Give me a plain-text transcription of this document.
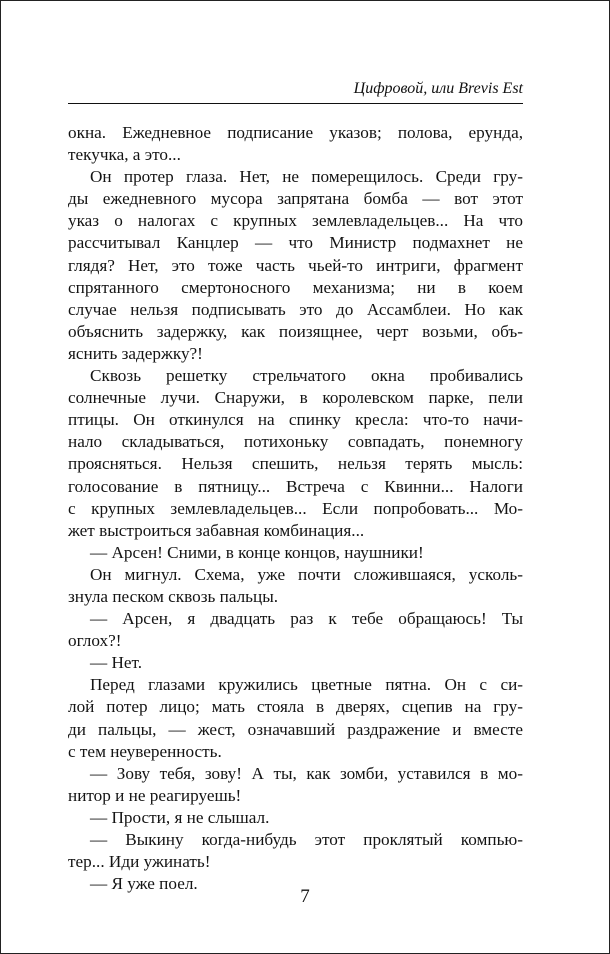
Цифровой, или Brevis Est
окна. Ежедневное подписание указов; полова, ерунда,
текучка, а это...
Он протер глаза. Нет, не померещилось. Среди гру-
ды ежедневного мусора запрятана бомба — вот этот
указ о налогах с крупных землевладельцев... На что
рассчитывал Канцлер — что Министр подмахнет не
глядя? Нет, это тоже часть чьей-то интриги, фрагмент
спрятанного смертоносного механизма; ни в коем
случае нельзя подписывать это до Ассамблеи. Но как
объяснить задержку, как поизящнее, черт возьми, объ-
яснить задержку?!
Сквозь решетку стрельчатого окна пробивались
солнечные лучи. Снаружи, в королевском парке, пели
птицы. Он откинулся на спинку кресла: что-то начи-
нало складываться, потихоньку совпадать, понемногу
проясняться. Нельзя спешить, нельзя терять мысль:
голосование в пятницу... Встреча с Квинни... Налоги
с крупных землевладельцев... Если попробовать... Мо-
жет выстроиться забавная комбинация...
— Арсен! Сними, в конце концов, наушники!
Он мигнул. Схема, уже почти сложившаяся, усколь-
знула песком сквозь пальцы.
— Арсен, я двадцать раз к тебе обращаюсь! Ты
оглох?!
— Нет.
Перед глазами кружились цветные пятна. Он с си-
лой потер лицо; мать стояла в дверях, сцепив на гру-
ди пальцы, — жест, означавший раздражение и вместе
с тем неуверенность.
— Зову тебя, зову! А ты, как зомби, уставился в мо-
нитор и не реагируешь!
— Прости, я не слышал.
— Выкину когда-нибудь этот проклятый компью-
тер... Иди ужинать!
— Я уже поел.
7
